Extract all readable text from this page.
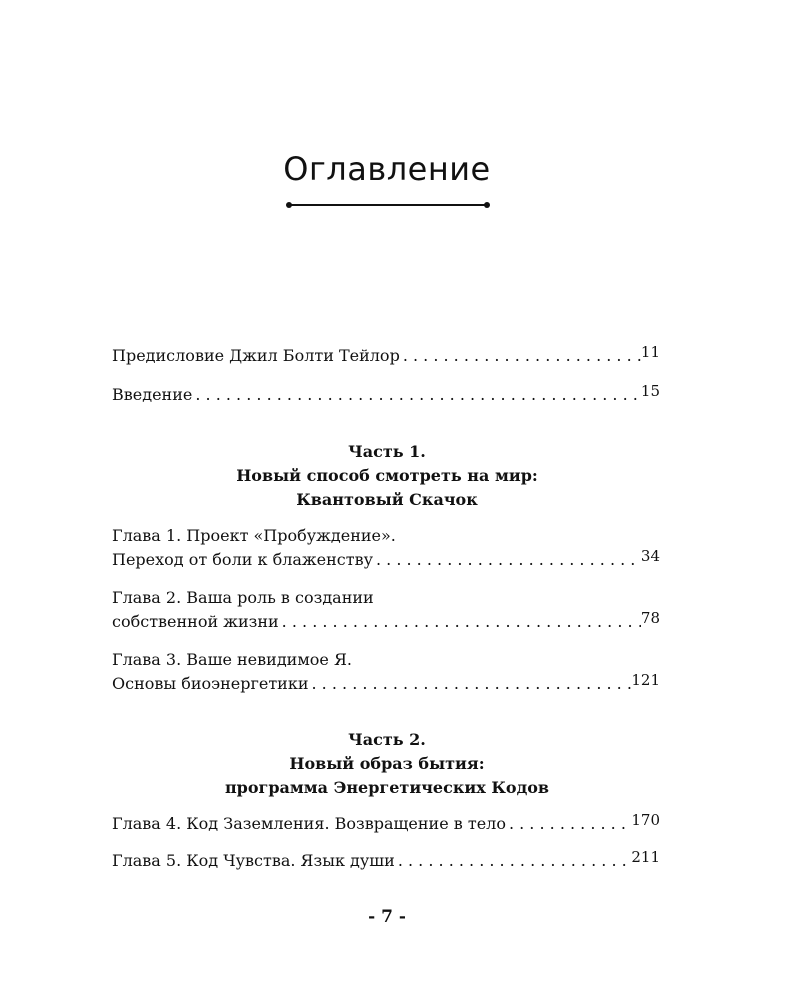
Оглавление
Предисловие Джил Болти Тейлор . . .	11
Введение . . .	15
Часть 1.
Новый способ смотреть на мир:
Квантовый Скачок
Глава 1. Проект «Пробуждение».
Переход от боли к блаженству . . .	34
Глава 2. Ваша роль в создании
собственной жизни . . .	78
Глава 3. Ваше невидимое Я.
Основы биоэнергетики . . .	121
Часть 2.
Новый образ бытия:
программа Энергетических Кодов
Глава 4. Код Заземления. Возвращение в тело . . .	170
Глава 5. Код Чувства. Язык души . . .	211
- 7 -
